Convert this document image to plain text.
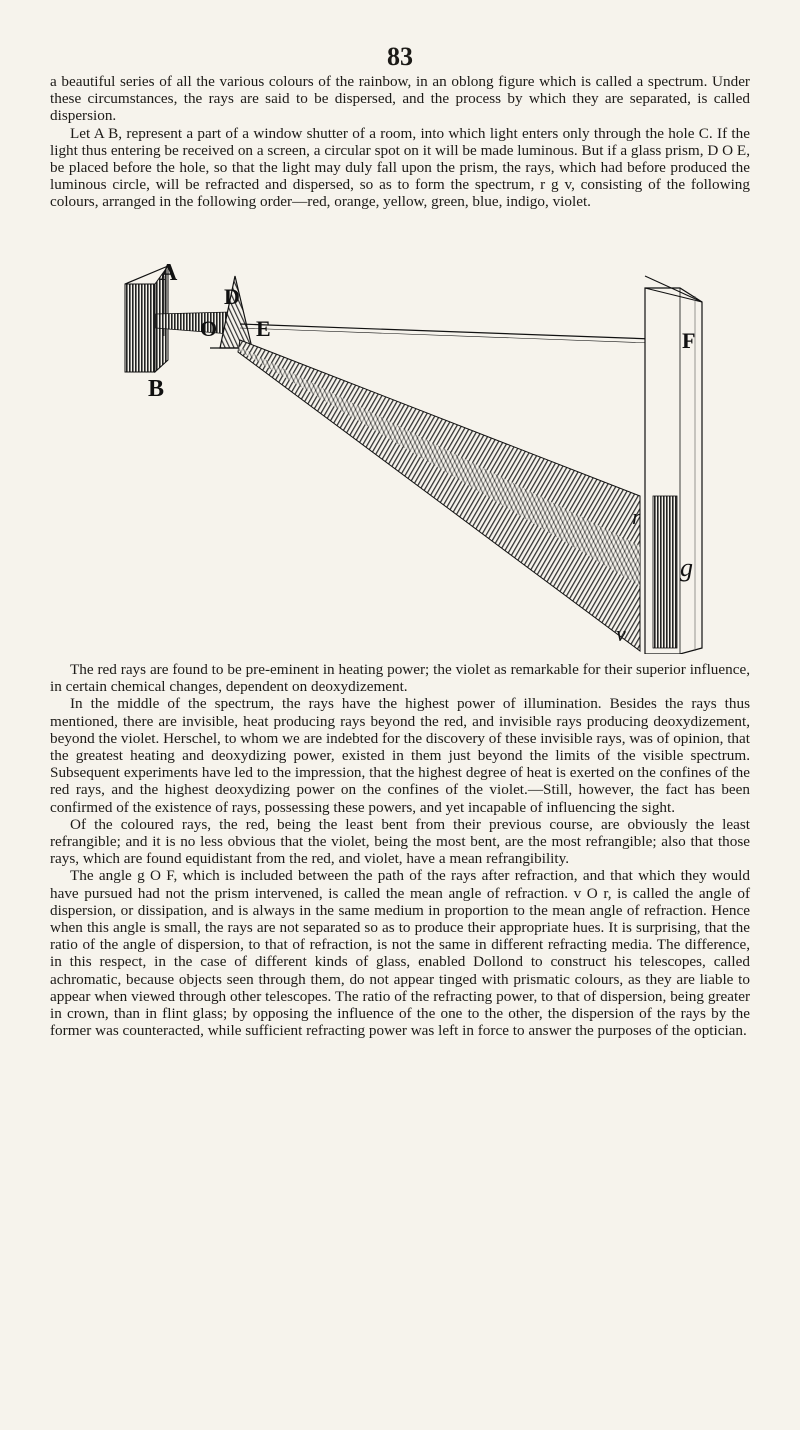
83

a beautiful series of all the various colours of the rainbow, in an oblong figure which is called a spectrum. Under these circumstances, the rays are said to be dispersed, and the process by which they are separated, is called dispersion.

Let A B, represent a part of a window shutter of a room, into which light enters only through the hole C. If the light thus entering be received on a screen, a circular spot on it will be made luminous. But if a glass prism, D O E, be placed before the hole, so that the light may duly fall upon the prism, the rays, which had before produced the luminous circle, will be refracted and dispersed, so as to form the spectrum, r g v, consisting of the following colours, arranged in the following order—red, orange, yellow, green, blue, indigo, violet.

A
B
D
O E	F
r
g
v

The red rays are found to be pre-eminent in heating power; the violet as remarkable for their superior influence, in certain chemical changes, dependent on deoxydizement.

In the middle of the spectrum, the rays have the highest power of illumination. Besides the rays thus mentioned, there are invisible, heat producing rays beyond the red, and invisible rays producing deoxydizement, beyond the violet. Herschel, to whom we are indebted for the discovery of these invisible rays, was of opinion, that the greatest heating and deoxydizing power, existed in them just beyond the limits of the visible spectrum. Subsequent experiments have led to the impression, that the highest degree of heat is exerted on the confines of the red rays, and the highest deoxydizing power on the confines of the violet.—Still, however, the fact has been confirmed of the existence of rays, possessing these powers, and yet incapable of influencing the sight.

Of the coloured rays, the red, being the least bent from their previous course, are obviously the least refrangible; and it is no less obvious that the violet, being the most bent, are the most refrangible; also that those rays, which are found equidistant from the red, and violet, have a mean refrangibility.

The angle g O F, which is included between the path of the rays after refraction, and that which they would have pursued had not the prism intervened, is called the mean angle of refraction. v O r, is called the angle of dispersion, or dissipation, and is always in the same medium in proportion to the mean angle of refraction. Hence when this angle is small, the rays are not separated so as to produce their appropriate hues. It is surprising, that the ratio of the angle of dispersion, to that of refraction, is not the same in different refracting media. The difference, in this respect, in the case of different kinds of glass, enabled Dollond to construct his telescopes, called achromatic, because objects seen through them, do not appear tinged with prismatic colours, as they are liable to appear when viewed through other telescopes. The ratio of the refracting power, to that of dispersion, being greater in crown, than in flint glass; by opposing the influence of the one to the other, the dispersion of the rays by the former was counteracted, while sufficient refracting power was left in force to answer the purposes of the optician.
